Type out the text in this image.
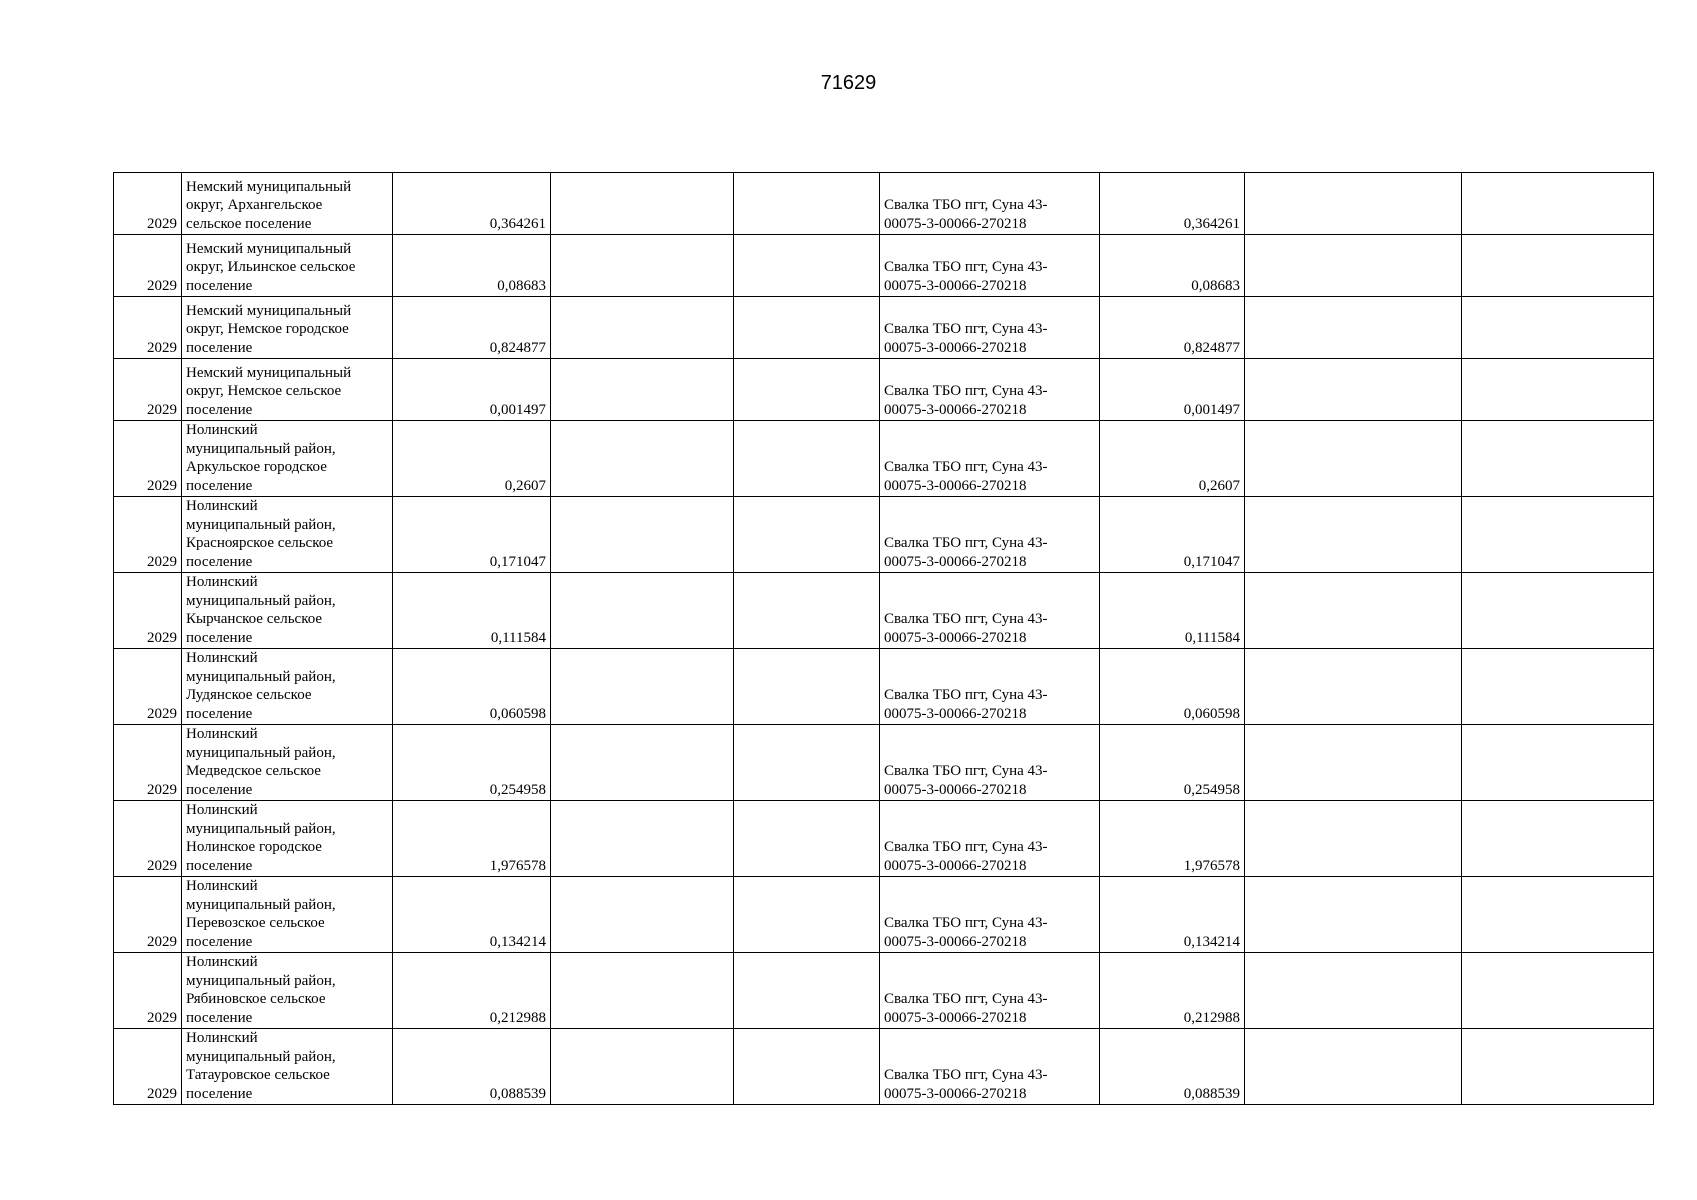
71629
2029	Немский муниципальный
округ, Архангельское
сельское поселение	0,364261			Свалка ТБО пгт, Суна 43-
00075-3-00066-270218	0,364261		
2029	Немский муниципальный
округ, Ильинское сельское
поселение	0,08683			Свалка ТБО пгт, Суна 43-
00075-3-00066-270218	0,08683		
2029	Немский муниципальный
округ, Немское городское
поселение	0,824877			Свалка ТБО пгт, Суна 43-
00075-3-00066-270218	0,824877		
2029	Немский муниципальный
округ, Немское сельское
поселение	0,001497			Свалка ТБО пгт, Суна 43-
00075-3-00066-270218	0,001497		
2029	Нолинский
муниципальный район,
Аркульское городское
поселение	0,2607			Свалка ТБО пгт, Суна 43-
00075-3-00066-270218	0,2607		
2029	Нолинский
муниципальный район,
Красноярское сельское
поселение	0,171047			Свалка ТБО пгт, Суна 43-
00075-3-00066-270218	0,171047		
2029	Нолинский
муниципальный район,
Кырчанское сельское
поселение	0,111584			Свалка ТБО пгт, Суна 43-
00075-3-00066-270218	0,111584		
2029	Нолинский
муниципальный район,
Лудянское сельское
поселение	0,060598			Свалка ТБО пгт, Суна 43-
00075-3-00066-270218	0,060598		
2029	Нолинский
муниципальный район,
Медведское сельское
поселение	0,254958			Свалка ТБО пгт, Суна 43-
00075-3-00066-270218	0,254958		
2029	Нолинский
муниципальный район,
Нолинское городское
поселение	1,976578			Свалка ТБО пгт, Суна 43-
00075-3-00066-270218	1,976578		
2029	Нолинский
муниципальный район,
Перевозское сельское
поселение	0,134214			Свалка ТБО пгт, Суна 43-
00075-3-00066-270218	0,134214		
2029	Нолинский
муниципальный район,
Рябиновское сельское
поселение	0,212988			Свалка ТБО пгт, Суна 43-
00075-3-00066-270218	0,212988		
2029	Нолинский
муниципальный район,
Татауровское сельское
поселение	0,088539			Свалка ТБО пгт, Суна 43-
00075-3-00066-270218	0,088539		
